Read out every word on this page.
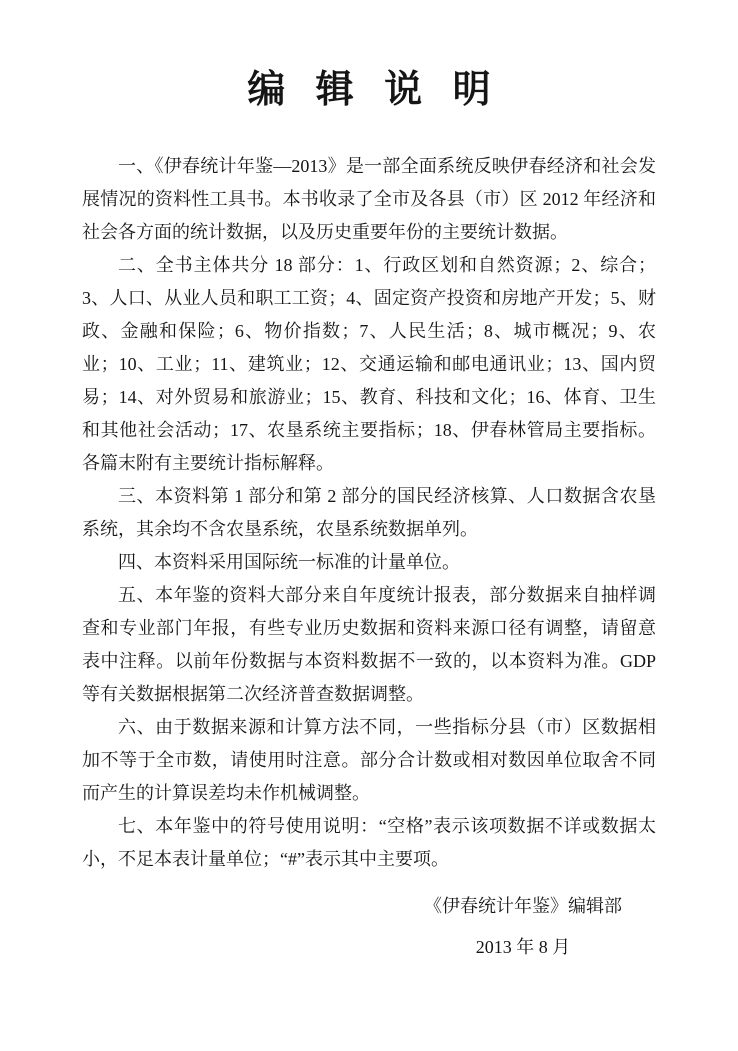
编辑说明

一、《伊春统计年鉴—2013》是一部全面系统反映伊春经济和社会发展情况的资料性工具书。本书收录了全市及各县（市）区 2012 年经济和社会各方面的统计数据，以及历史重要年份的主要统计数据。

二、全书主体共分 18 部分：1、行政区划和自然资源；2、综合；3、人口、从业人员和职工工资；4、固定资产投资和房地产开发；5、财政、金融和保险；6、物价指数；7、人民生活；8、城市概况；9、农业；10、工业；11、建筑业；12、交通运输和邮电通讯业；13、国内贸易；14、对外贸易和旅游业；15、教育、科技和文化；16、体育、卫生和其他社会活动；17、农垦系统主要指标；18、伊春林管局主要指标。各篇末附有主要统计指标解释。

三、本资料第 1 部分和第 2 部分的国民经济核算、人口数据含农垦系统，其余均不含农垦系统，农垦系统数据单列。

四、本资料采用国际统一标准的计量单位。

五、本年鉴的资料大部分来自年度统计报表，部分数据来自抽样调查和专业部门年报，有些专业历史数据和资料来源口径有调整，请留意表中注释。以前年份数据与本资料数据不一致的，以本资料为准。GDP 等有关数据根据第二次经济普查数据调整。

六、由于数据来源和计算方法不同，一些指标分县（市）区数据相加不等于全市数，请使用时注意。部分合计数或相对数因单位取舍不同而产生的计算误差均未作机械调整。

七、本年鉴中的符号使用说明：“空格”表示该项数据不详或数据太小，不足本表计量单位；“#”表示其中主要项。

《伊春统计年鉴》编辑部
2013 年 8 月
